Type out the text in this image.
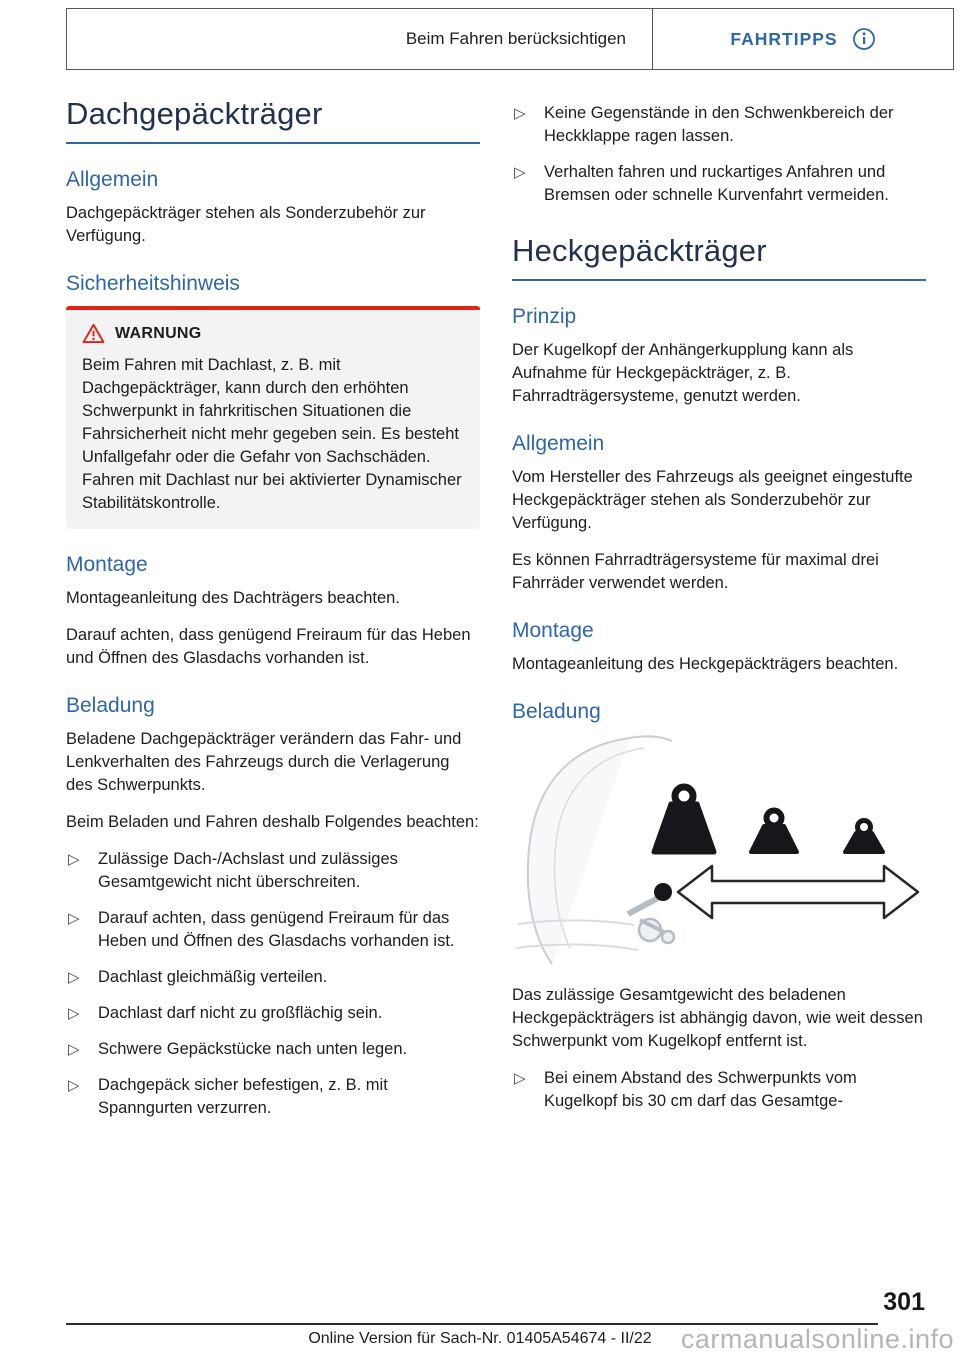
Beim Fahren berücksichtigen	FAHRTIPPS
Dachgepäckträger
Allgemein

Dachgepäckträger stehen als Sonderzubehör zur Verfügung.

Sicherheitshinweis
WARNUNG

Beim Fahren mit Dachlast, z. B. mit Dachgepäckträger, kann durch den erhöhten Schwerpunkt in fahrkritischen Situationen die Fahrsicherheit nicht mehr gegeben sein. Es besteht Unfallgefahr oder die Gefahr von Sachschäden. Fahren mit Dachlast nur bei aktivierter Dynamischer Stabilitätskontrolle.

Montage

Montageanleitung des Dachträgers beachten.

Darauf achten, dass genügend Freiraum für das Heben und Öffnen des Glasdachs vorhanden ist.

Beladung

Beladene Dachgepäckträger verändern das Fahr- und Lenkverhalten des Fahrzeugs durch die Verlagerung des Schwerpunkts.

Beim Beladen und Fahren deshalb Folgendes beachten:

▷	Zulässige Dach-/Achslast und zulässiges Gesamtgewicht nicht überschreiten.
▷	Darauf achten, dass genügend Freiraum für das Heben und Öffnen des Glasdachs vorhanden ist.
▷	Dachlast gleichmäßig verteilen.
▷	Dachlast darf nicht zu großflächig sein.
▷	Schwere Gepäckstücke nach unten legen.
▷	Dachgepäck sicher befestigen, z. B. mit Spanngurten verzurren.
▷	Keine Gegenstände in den Schwenkbereich der Heckklappe ragen lassen.
▷	Verhalten fahren und ruckartiges Anfahren und Bremsen oder schnelle Kurvenfahrt vermeiden.
Heckgepäckträger
Prinzip

Der Kugelkopf der Anhängerkupplung kann als Aufnahme für Heckgepäckträger, z. B. Fahrradträgersysteme, genutzt werden.

Allgemein

Vom Hersteller des Fahrzeugs als geeignet eingestufte Heckgepäckträger stehen als Sonderzubehör zur Verfügung.

Es können Fahrradträgersysteme für maximal drei Fahrräder verwendet werden.

Montage

Montageanleitung des Heckgepäckträgers beachten.

Beladung

Das zulässige Gesamtgewicht des beladenen Heckgepäckträgers ist abhängig davon, wie weit dessen Schwerpunkt vom Kugelkopf entfernt ist.

▷	Bei einem Abstand des Schwerpunkts vom Kugelkopf bis 30 cm darf das Gesamtge-
301
Online Version für Sach-Nr. 01405A54674 - II/22	carmanualsonline.info
